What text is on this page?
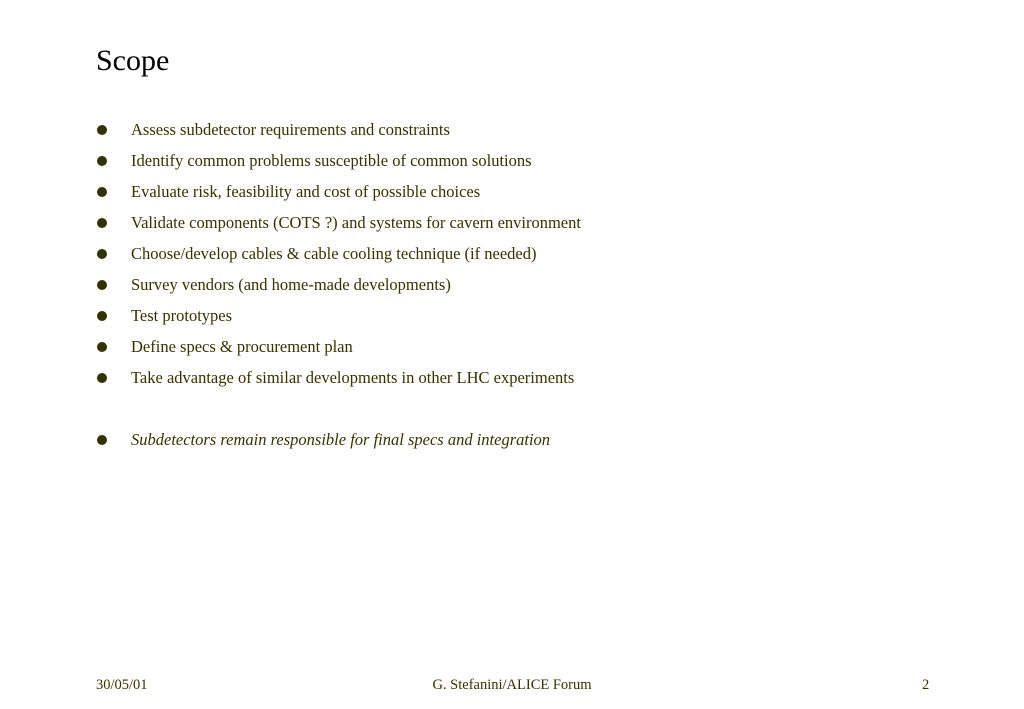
Scope
Assess subdetector requirements and constraints
Identify common problems susceptible of common solutions
Evaluate risk, feasibility and cost of possible choices
Validate components (COTS ?) and systems for cavern environment
Choose/develop cables & cable cooling technique (if needed)
Survey vendors (and home-made developments)
Test prototypes
Define specs & procurement plan
Take advantage of similar developments in other LHC experiments
Subdetectors remain responsible for final specs and integration
30/05/01	G. Stefanini/ALICE Forum	2
